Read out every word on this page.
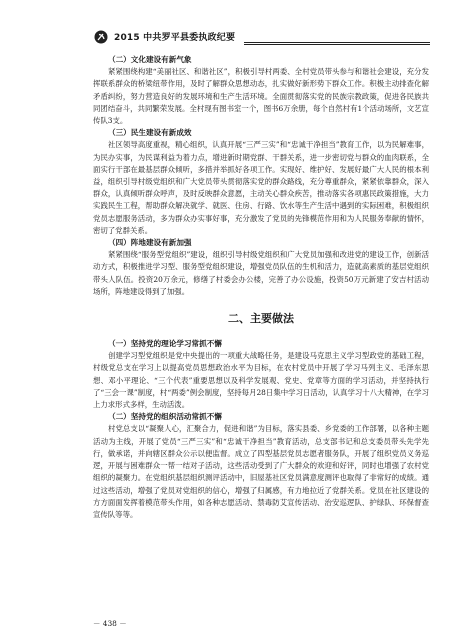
2015 中共罗平县委执政纪要
（二）文化建设有新气象

紧紧围绕构建“美丽社区、和谐社区”，积极引导村两委、全村党员带头参与和谐社会建设，充分发挥联系群众的桥梁纽带作用，及时了解群众思想动态，扎实做好新形势下群众工作。积极主动排查化解矛盾纠纷，努力营造良好的发展环境和生产生活环境。全面贯彻落实党的民族宗教政策，促进各民族共同团结奋斗，共同繁荣发展。全村现有图书室一个，图书6万余册，每个自然村有1个活动场所，文艺宣传队3支。

（三）民生建设有新成效

社区领导高度重视，精心组织，认真开展“三严三实”和“忠诚干净担当”教育工作，以为民解难事，为民办实事，为民谋利益为着力点，增进新时期党群、干群关系，进一步密切党与群众的血肉联系，全面实行干部在最基层群众倾听，多措并举抓好各项工作。实现好、维护好、发展好最广大人民的根本利益，组织引导村级党组织和广大党员带头贯彻落实党的群众路线，充分尊重群众，紧紧依靠群众，深入群众，认真倾听群众呼声，及时反映群众意愿，主动关心群众疾苦，推动落实各项惠民政策措施，大力实践民生工程，帮助群众解决就学、就医、住房、行路、饮水等生产生活中遇到的实际困难，积极组织党员志愿服务活动，多为群众办实事好事，充分激发了党员的先锋模范作用和为人民服务奉献的情怀，密切了党群关系。

（四）阵地建设有新加强

紧紧围绕“服务型党组织”建设，组织引导村级党组织和广大党员加强和改进党的建设工作，创新活动方式，积极推进学习型、服务型党组织建设，增强党员队伍的生机和活力，造就高素质的基层党组织带头人队伍。投资20万余元，修缮了村委会办公楼，完善了办公设施，投资50万元新建了安吉村活动场所，阵地建设得到了加强。

二、主要做法
（一）坚持党的理论学习常抓不懈

创建学习型党组织是党中央提出的一项重大战略任务，是建设马克思主义学习型政党的基础工程，村级党总支在学习上以提高党员思想政治水平为目标，在农村党员中开展了学习马列主义、毛泽东思想、邓小平理论、“三个代表”重要思想以及科学发展观、党史、党章等方面的学习活动，并坚持执行了“三会一课”制度，村“两委”例会制度，坚持每月28日集中学习日活动，认真学习十八大精神，在学习上力求形式多样，生动活泼。

（二）坚持党的组织活动常抓不懈

村党总支以“凝聚人心，汇聚合力，促进和谐”为目标，落实县委、乡党委的工作部署，以各种主题活动为主线，开展了党员“三严三实”和“忠诚干净担当”教育活动，总支部书记和总支委员带头先学先行，做承诺，并向辖区群众公示以便监督。成立了四型基层党员志愿者服务队，开展了组织党员义务巡逻，开展与困难群众一帮一结对子活动，这些活动受到了广大群众的欢迎和好评，同时也增强了农村党组织的凝聚力。在党组织基层组织测评活动中，旧屋基社区党员满意度测评也取得了非常好的成绩。通过这些活动，增强了党员对党组织的信心，增强了归属感，有力地拉近了党群关系。党员在社区建设的方方面面发挥着模范带头作用，如各种志愿活动、禁毒防艾宣传活动、治安巡逻队、护绿队、环保督查宣传队等等。

－ 438 －
